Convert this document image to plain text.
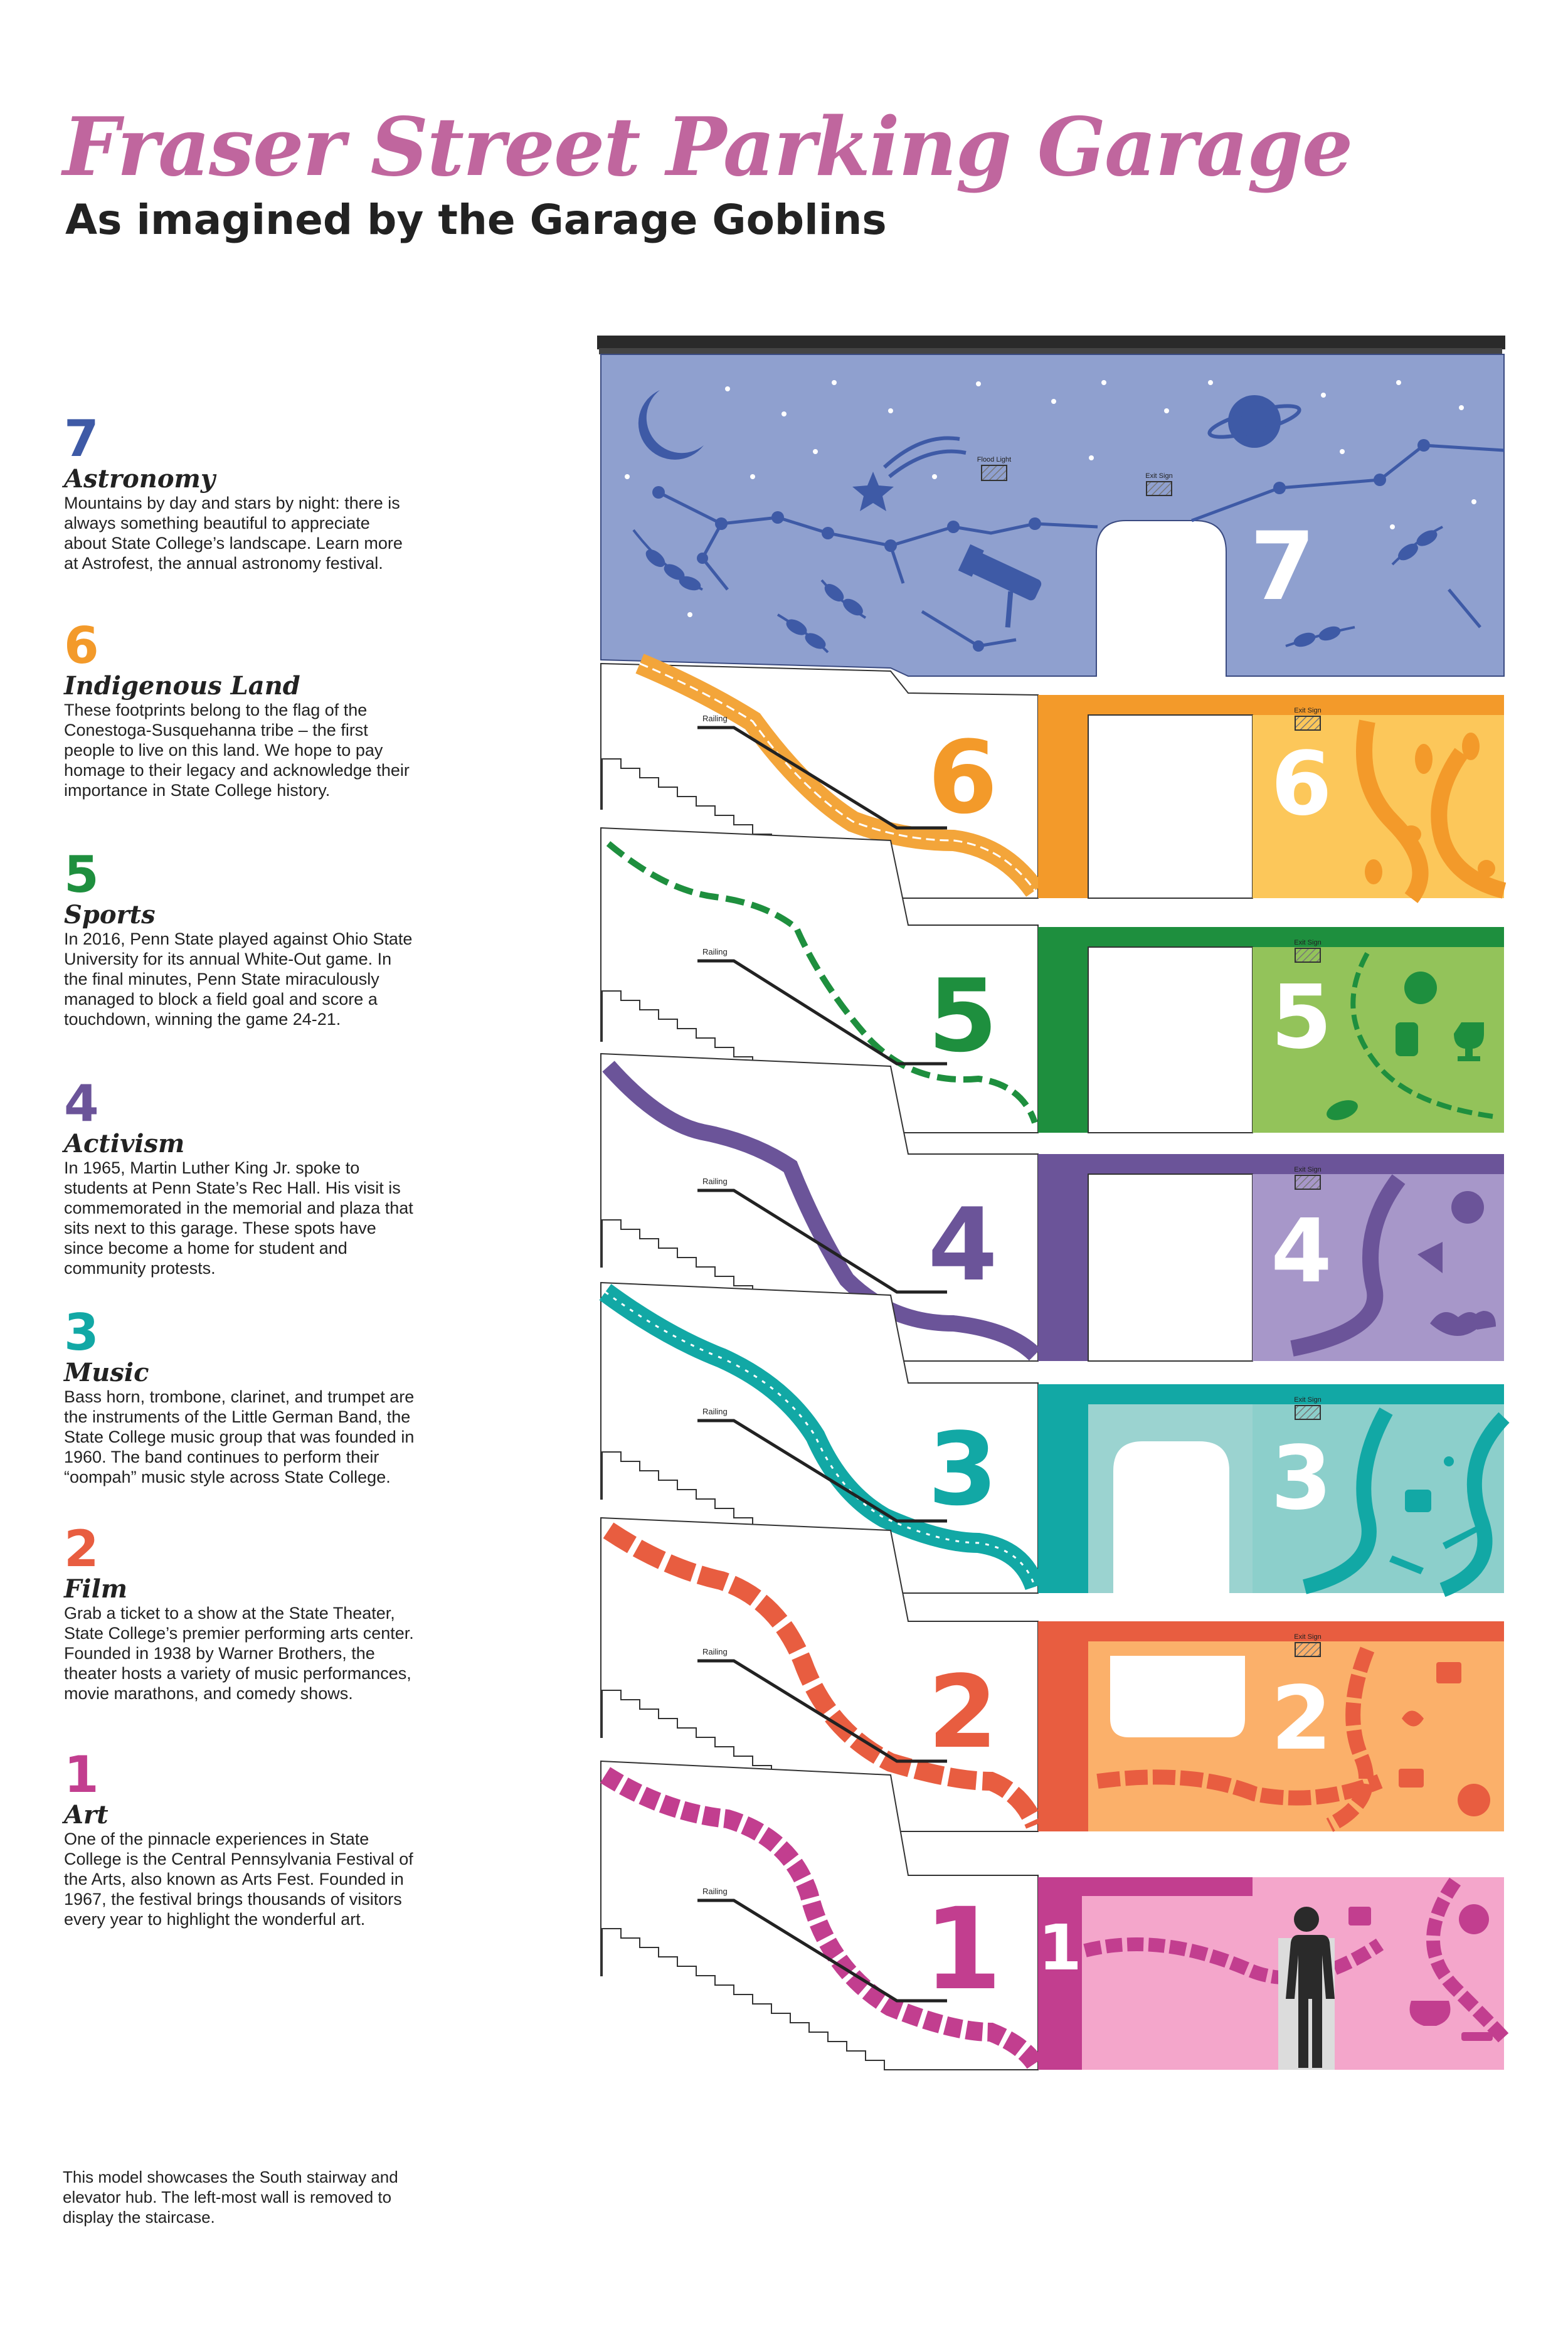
Fraser Street Parking Garage
As imagined by the Garage Goblins
7
Astronomy
Mountains by day and stars by night: there is always something beautiful to appreciate about State College’s landscape. Learn more at Astrofest, the annual astronomy festival.
6
Indigenous Land
These footprints belong to the flag of the Conestoga-Susquehanna tribe – the first people to live on this land. We hope to pay homage to their legacy and acknowledge their importance in State College history.
5
Sports
In 2016, Penn State played against Ohio State University for its annual White-Out game. In the final minutes, Penn State miraculously managed to block a field goal and score a touchdown, winning the game 24-21.
4
Activism
In 1965, Martin Luther King Jr. spoke to students at Penn State’s Rec Hall. His visit is commemorated in the memorial and plaza that sits next to this garage. These spots have since become a home for student and community protests.
3
Music
Bass horn, trombone, clarinet, and trumpet are the instruments of the Little German Band, the State College music group that was founded in 1960. The band continues to perform their “oompah” music style across State College.
2
Film
Grab a ticket to a show at the State Theater, State College’s premier performing arts center. Founded in 1938 by Warner Brothers, the theater hosts a variety of music performances, movie marathons, and comedy shows.
1
Art
One of the pinnacle experiences in State College is the Central Pennsylvania Festival of the Arts, also known as Arts Fest. Founded in 1967, the festival brings thousands of visitors every year to highlight the wonderful art.
Flood Light
Exit Sign
7
Exit Sign
Railing
6	6
Exit Sign
Railing
5	5
Exit Sign
Railing
4	4
Exit Sign
Railing 3	3
Exit Sign
Railing
2	2
1
Railing 1
This model showcases the South stairway and elevator hub. The left-most wall is removed to display the staircase.
